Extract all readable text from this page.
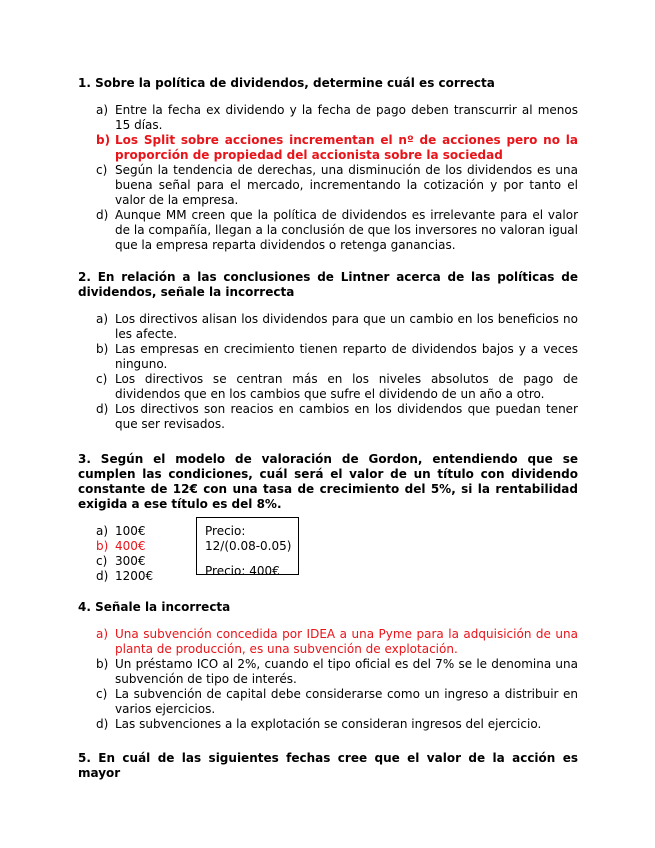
1. Sobre la política de dividendos, determine cuál es correcta

a) Entre la fecha ex dividendo y la fecha de pago deben transcurrir al menos 15 días.
b) Los Split sobre acciones incrementan el nº de acciones pero no la proporción de propiedad del accionista sobre la sociedad
c) Según la tendencia de derechas, una disminución de los dividendos es una buena señal para el mercado, incrementando la cotización y por tanto el valor de la empresa.
d) Aunque MM creen que la política de dividendos es irrelevante para el valor de la compañía, llegan a la conclusión de que los inversores no valoran igual que la empresa reparta dividendos o retenga ganancias.

2. En relación a las conclusiones de Lintner acerca de las políticas de dividendos, señale la incorrecta

a) Los directivos alisan los dividendos para que un cambio en los beneficios no les afecte.
b) Las empresas en crecimiento tienen reparto de dividendos bajos y a veces ninguno.
c) Los directivos se centran más en los niveles absolutos de pago de dividendos que en los cambios que sufre el dividendo de un año a otro.
d) Los directivos son reacios en cambios en los dividendos que puedan tener que ser revisados.

3. Según el modelo de valoración de Gordon, entendiendo que se cumplen las condiciones, cuál será el valor de un título con dividendo constante de 12€ con una tasa de crecimiento del 5%, si la rentabilidad exigida a ese título es del 8%.

a) 100€
b) 400€
c) 300€
d) 1200€
Precio: 12/(0.08-0.05)
Precio: 400€

4. Señale la incorrecta

a) Una subvención concedida por IDEA a una Pyme para la adquisición de una planta de producción, es una subvención de explotación.
b) Un préstamo ICO al 2%, cuando el tipo oficial es del 7% se le denomina una subvención de tipo de interés.
c) La subvención de capital debe considerarse como un ingreso a distribuir en varios ejercicios.
d) Las subvenciones a la explotación se consideran ingresos del ejercicio.

5. En cuál de las siguientes fechas cree que el valor de la acción es mayor
